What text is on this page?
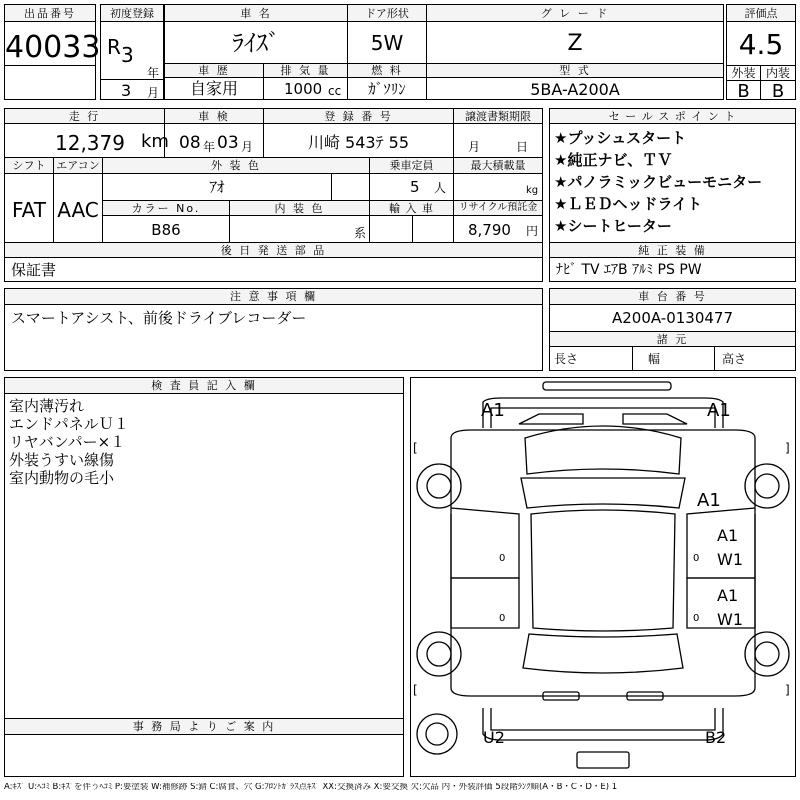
出品番号
40033
初度登録
R 3
年
3 月
車 名
ﾗｲｽﾞ
ドア形状
5W
グ レ ー ド
Z
評価点
4.5
外装 内装
B	B
車 歴
自家用
排 気 量
1000 cc
燃 料
ｶﾞｿﾘﾝ
型 式
5BA-A200A
走 行
12,379 km
車 検
08 年 03 月
登 録 番 号
川崎 543ﾃ 55
譲渡書類期限
月	日
シフト
FAT
エアコン
AAC
外 装 色
ｱｵ
乗車定員
5 人
最大積載量
kg
カラー No.
B86
内 装 色
系
輸 入 車	リサイクル預託金
8,790 円
セ ー ル ス ポ イ ン ト
★プッシュスタート
★純正ナビ、ＴＶ
★パノラミックビューモニター
★ＬＥＤヘッドライト
★シートヒーター
後 日 発 送 部 品
保証書
純 正 装 備
ﾅﾋﾞ TV ｴｱB ｱﾙﾐ PS PW
注 意 事 項 欄
スマートアシスト、前後ドライブレコーダー
車 台 番 号
A200A-0130477
諸 元
長さ	幅	高さ
検 査 員 記 入 欄
室内薄汚れ
エンドパネルＵ１
リヤバンパー×１
外装うすい線傷
室内動物の毛小
事 務 局 よ り ご 案 内
A1	A1
A1
A1
W1
A1
W1
U2	B2
[	]
[	]
0
0
0
0
A:ｷｽﾞ U:ﾍｺﾐ B:ｷｽﾞを伴うﾍｺﾐ P:要塗装 W:補修跡 S:錆 C:腐食、穴 G:ﾌﾛﾝﾄｶﾞﾗｽ点ｷｽﾞ XX:交換済み X:要交換 欠:欠品 内・外装評価 5段階ﾗﾝｸ順(A・B・C・D・E) 1
